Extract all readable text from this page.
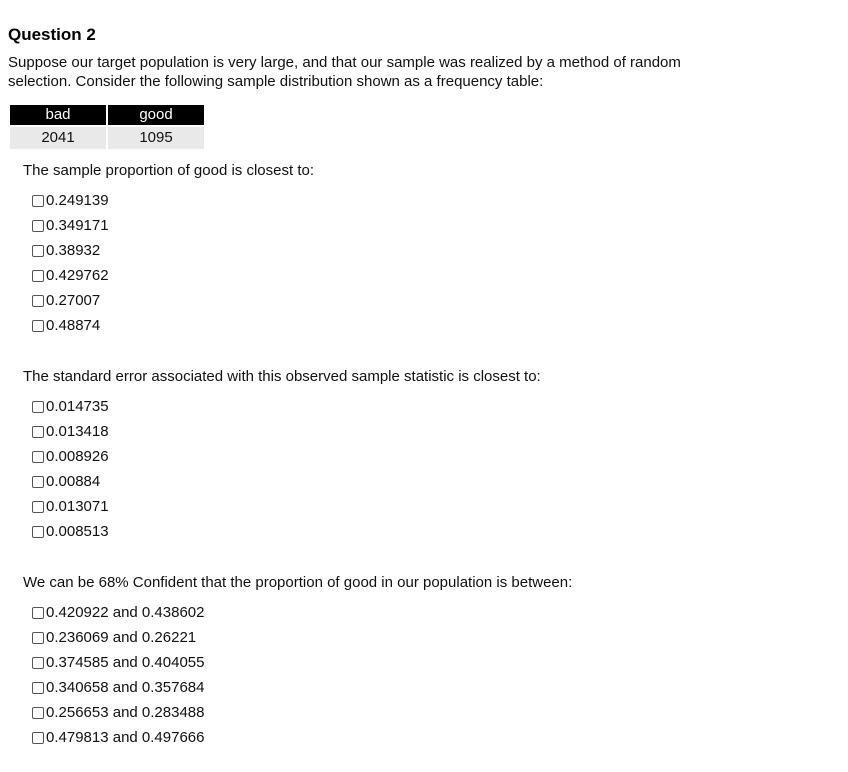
Question 2
Suppose our target population is very large, and that our sample was realized by a method of random selection. Consider the following sample distribution shown as a frequency table:
bad	good
2041	1095

The sample proportion of good is closest to:

0.249139
0.349171
0.38932
0.429762
0.27007
0.48874

The standard error associated with this observed sample statistic is closest to:

0.014735
0.013418
0.008926
0.00884
0.013071
0.008513

We can be 68% Confident that the proportion of good in our population is between:

0.420922 and 0.438602
0.236069 and 0.26221
0.374585 and 0.404055
0.340658 and 0.357684
0.256653 and 0.283488
0.479813 and 0.497666
